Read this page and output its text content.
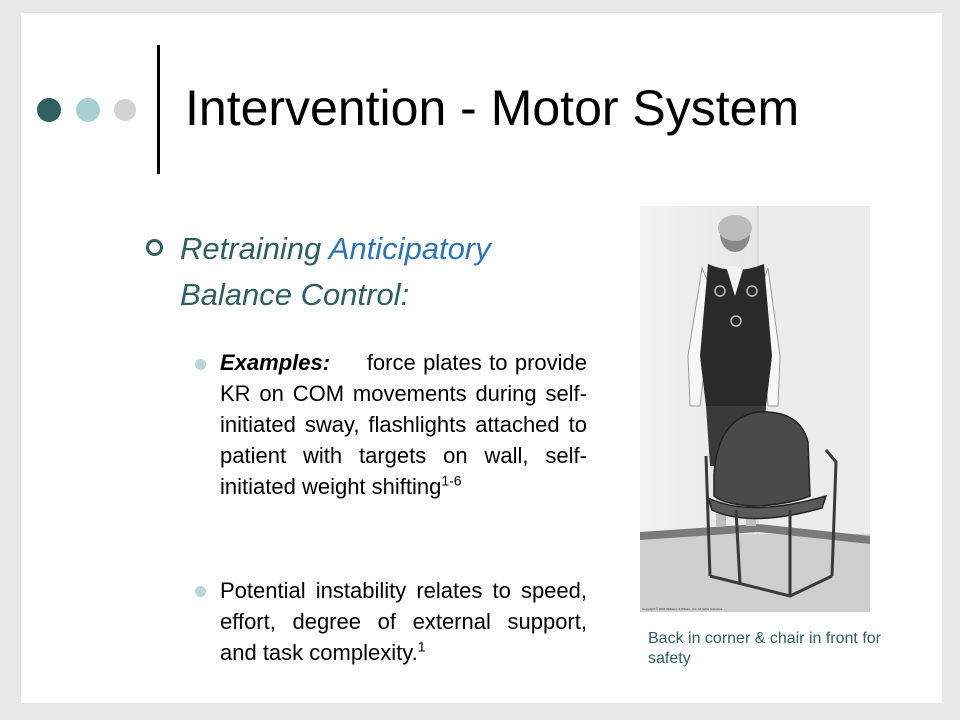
Intervention - Motor System
Retraining Anticipatory
Balance Control:
Examples:     force plates to provide KR on COM movements during self-initiated sway, flashlights attached to patient with targets on wall, self-initiated weight shifting$^{1-6}$
Potential instability relates to speed, effort, degree of external support, and task complexity.$^1$
Copyright © 2001 Williams & Wilkins, Inc. All rights reserved.
Back in corner & chair in front for safety
